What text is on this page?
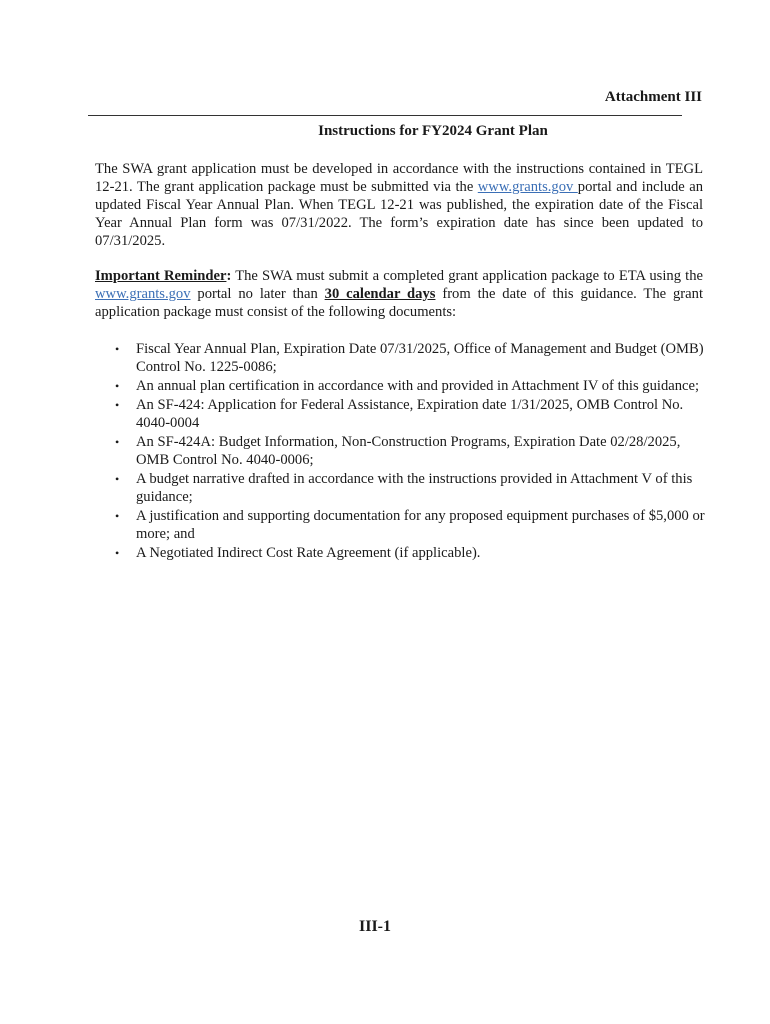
Attachment III
Instructions for FY2024 Grant Plan

The SWA grant application must be developed in accordance with the instructions contained in TEGL 12-21. The grant application package must be submitted via the www.grants.gov portal and include an updated Fiscal Year Annual Plan. When TEGL 12-21 was published, the expiration date of the Fiscal Year Annual Plan form was 07/31/2022. The form’s expiration date has since been updated to 07/31/2025.

Important Reminder: The SWA must submit a completed grant application package to ETA using the www.grants.gov portal no later than 30 calendar days from the date of this guidance. The grant application package must consist of the following documents:

• Fiscal Year Annual Plan, Expiration Date 07/31/2025, Office of Management and Budget (OMB) Control No. 1225-0086;
• An annual plan certification in accordance with and provided in Attachment IV of this guidance;
• An SF-424: Application for Federal Assistance, Expiration date 1/31/2025, OMB Control No. 4040-0004
• An SF-424A: Budget Information, Non-Construction Programs, Expiration Date 02/28/2025, OMB Control No. 4040-0006;
• A budget narrative drafted in accordance with the instructions provided in Attachment V of this guidance;
• A justification and supporting documentation for any proposed equipment purchases of $5,000 or more; and
• A Negotiated Indirect Cost Rate Agreement (if applicable).
III-1
